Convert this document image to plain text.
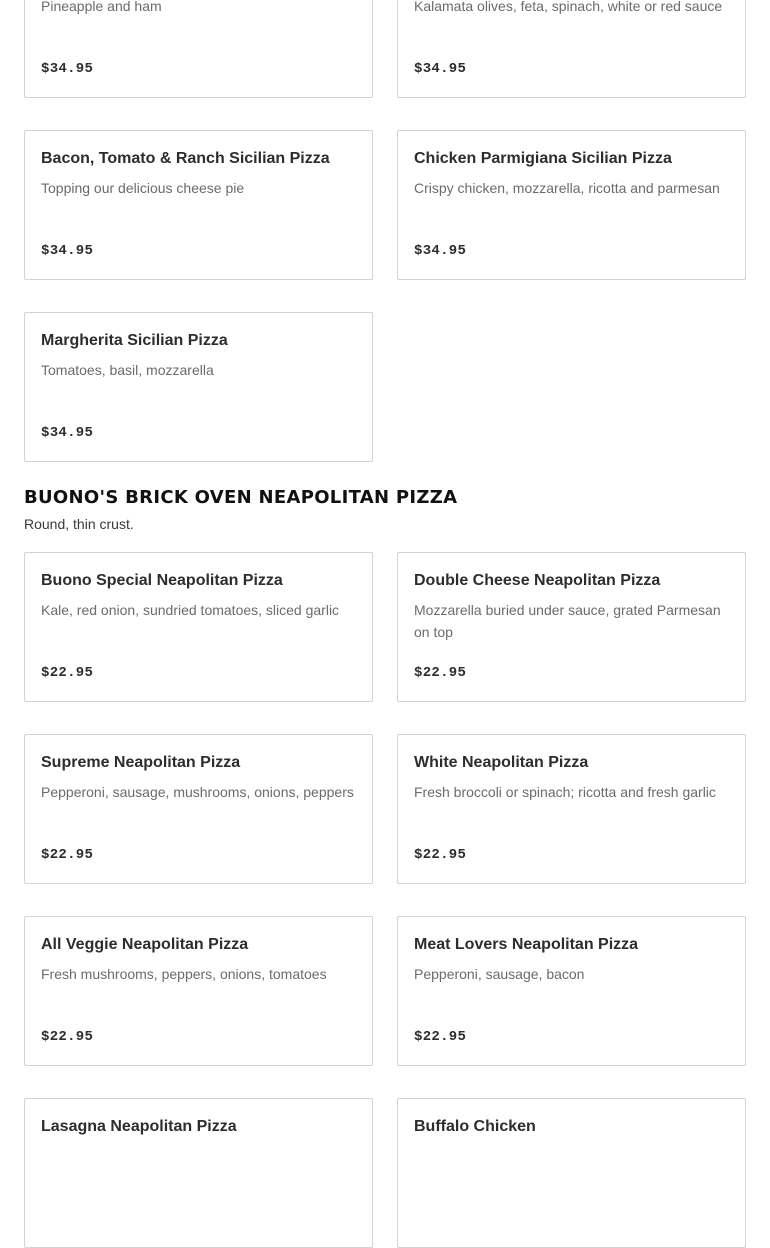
Pineapple and ham
$34.95
Kalamata olives, feta, spinach, white or red sauce
$34.95
Bacon, Tomato & Ranch Sicilian Pizza
Topping our delicious cheese pie
$34.95
Chicken Parmigiana Sicilian Pizza
Crispy chicken, mozzarella, ricotta and parmesan
$34.95
Margherita Sicilian Pizza
Tomatoes, basil, mozzarella
$34.95
BUONO'S BRICK OVEN NEAPOLITAN PIZZA
Round, thin crust.
Buono Special Neapolitan Pizza
Kale, red onion, sundried tomatoes, sliced garlic
$22.95
Double Cheese Neapolitan Pizza
Mozzarella buried under sauce, grated Parmesan on top
$22.95
Supreme Neapolitan Pizza
Pepperoni, sausage, mushrooms, onions, peppers
$22.95
White Neapolitan Pizza
Fresh broccoli or spinach; ricotta and fresh garlic
$22.95
All Veggie Neapolitan Pizza
Fresh mushrooms, peppers, onions, tomatoes
$22.95
Meat Lovers Neapolitan Pizza
Pepperoni, sausage, bacon
$22.95
Lasagna Neapolitan Pizza	Buffalo Chicken
